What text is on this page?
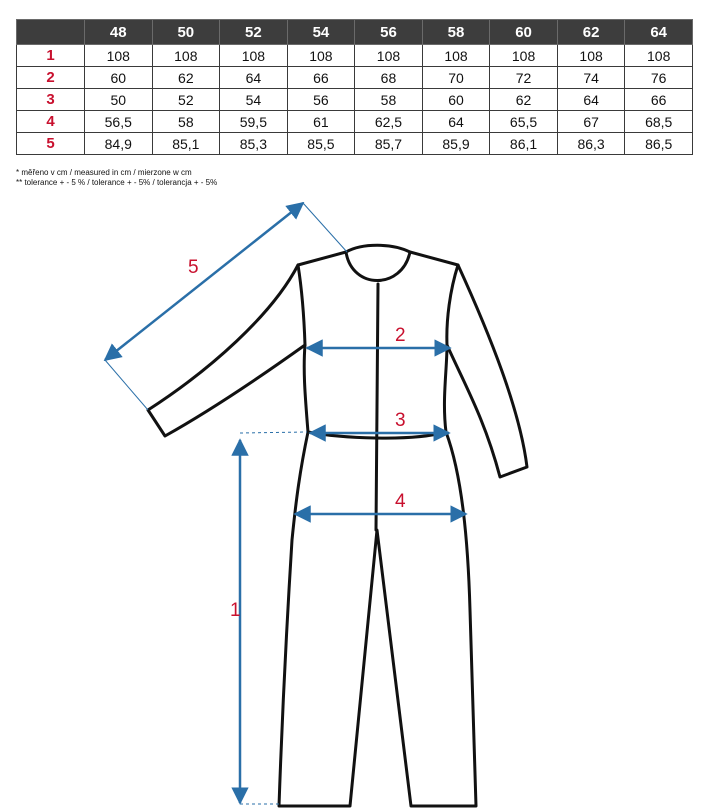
	48	50	52	54	56	58	60	62	64
1	108	108	108	108	108	108	108	108	108
2	60	62	64	66	68	70	72	74	76
3	50	52	54	56	58	60	62	64	66
4	56,5	58	59,5	61	62,5	64	65,5	67	68,5
5	84,9	85,1	85,3	85,5	85,7	85,9	86,1	86,3	86,5
* měřeno v cm / measured in cm / mierzone w cm
** tolerance + - 5 % / tolerance + - 5% / tolerancja + - 5%
1
2
3
4
5
